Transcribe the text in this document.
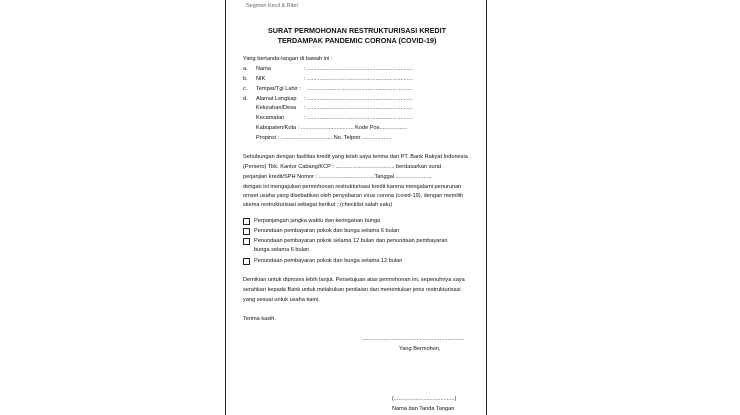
Segmen Kecil & Ritel
SURAT PERMOHONAN RESTRUKTURISASI KREDIT
TERDAMPAK PANDEMIC CORONA (COVID-19)
Yang bertanda-tangan di bawah ini :
a. Nama	: ....................................................................
b. NIK	: ....................................................................
c. Tempat/Tgl Lahir : ....................................................................
d. Alamat Lengkap : ....................................................................
Kelurahan/Desa : ....................................................................
Kecamatan	: ....................................................................
Kabupaten/Kota : .................................. Kode Pos..................
Propinsi : ................................. No. Telpon ...................
Sehubungan dengan fasilitas kredit yang telah saya terima dari PT. Bank Rakyat Indonesia
(Persero) Tbk. Kantor Cabang/KCP : ...................................... berdasarkan surat
perjanjian kredit/SPH Nomor : ....................................Tanggal ......................,
dengan ini mengajukan permohonan restrukturisasi kredit karena mengalami penurunan
omset usaha yang disebabkan oleh penyebaran virus corona (covid-19), dengan memilih
skema restrukturisasi sebagai berikut ; (checklist salah satu)
Perpanjangan jangka waktu dan keringanan bunga
Penundaan pembayaran pokok dan bunga selama 6 bulan
Penundaan pembayaran pokok selama 12 bulan dan penundaan pembayaran
bunga selama 6 bulan
Penundaan pembayaran pokok dan bunga selama 12 bulan
Demikian untuk diproses lebih lanjut. Persetujuan atas permohonan ini, sepenuhnya saya
serahkan kepada Bank untuk melakukan penilaian dan menentukan jenis restrukturisasi
yang sesuai untuk usaha kami.
Terima kasih.
..................................................................
Yang Bermohon,
(.......................................)
Nama dan Tanda Tangan
